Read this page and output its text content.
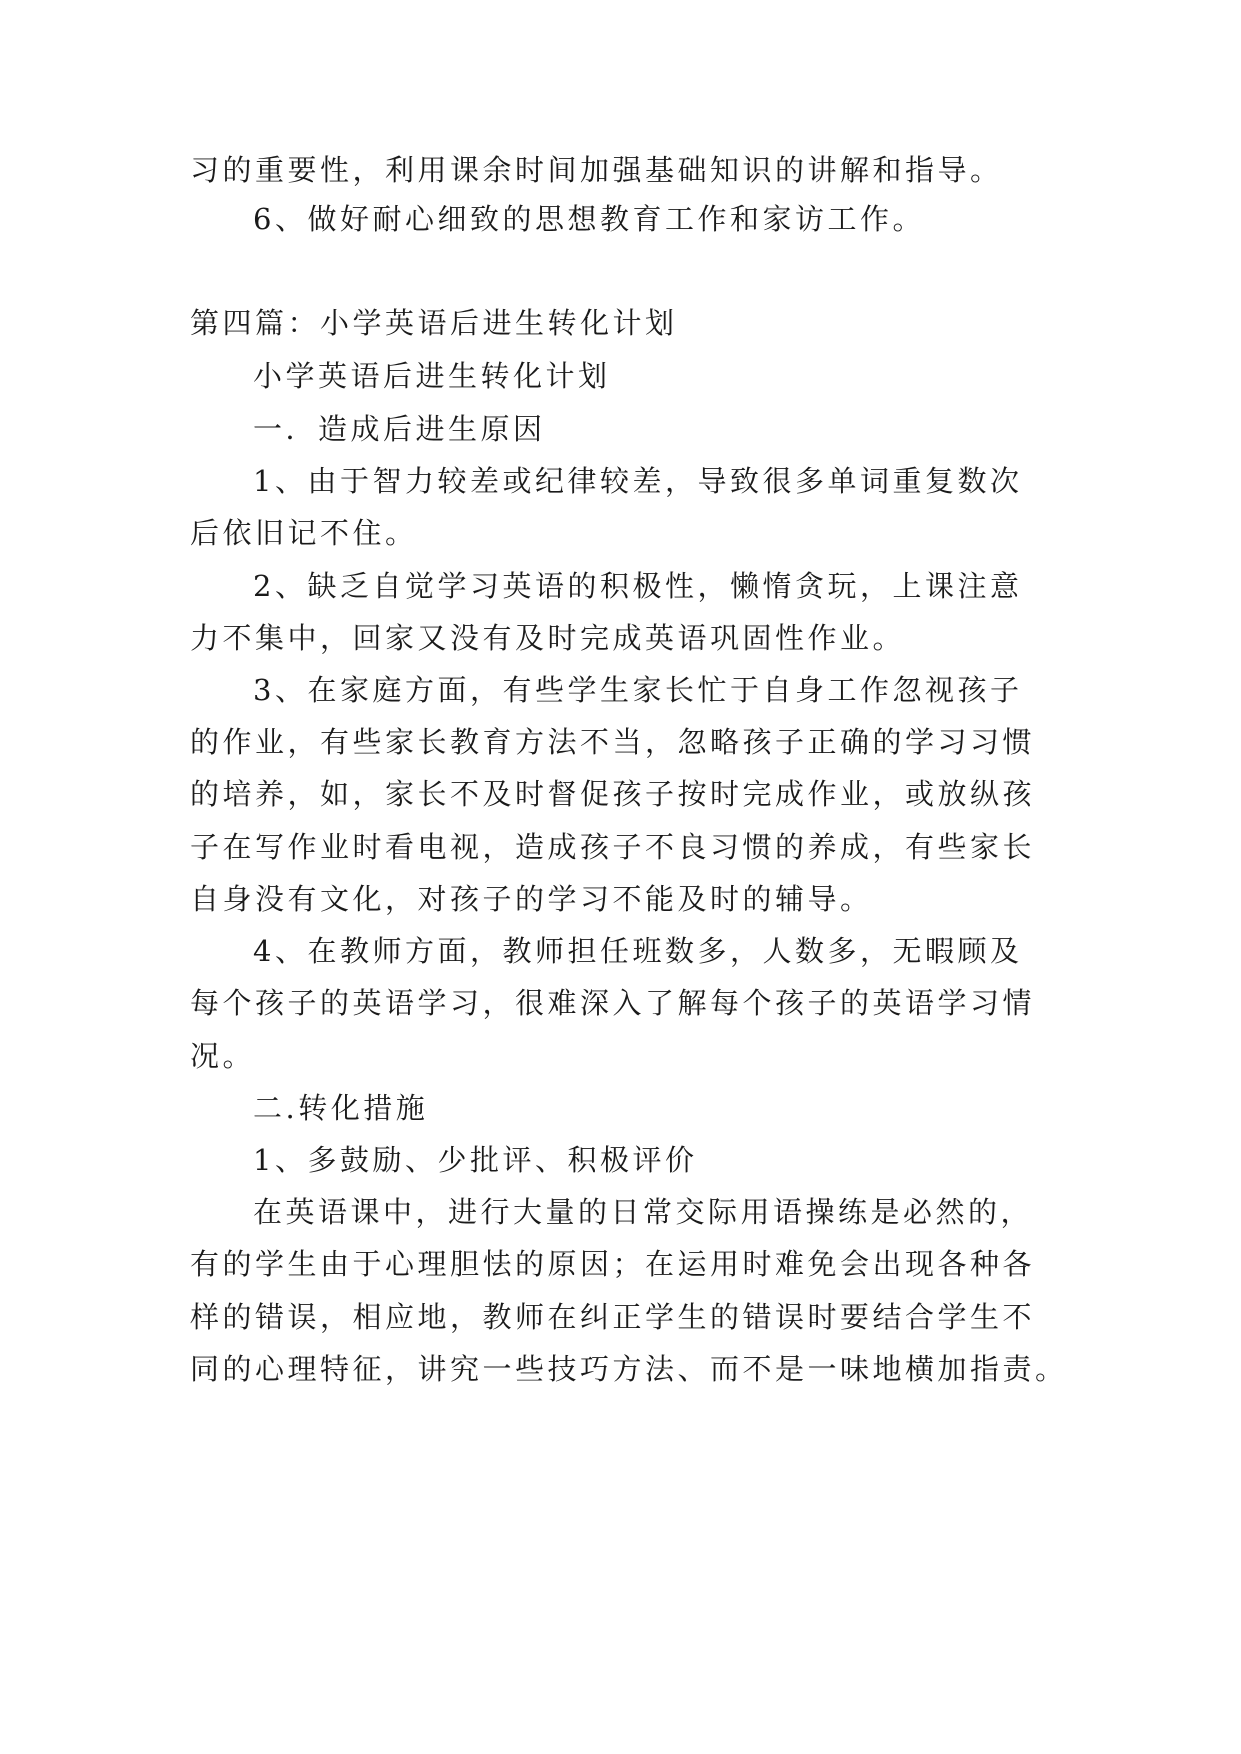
习的重要性，利用课余时间加强基础知识的讲解和指导。
6、做好耐心细致的思想教育工作和家访工作。
第四篇：小学英语后进生转化计划
小学英语后进生转化计划
一．造成后进生原因
1、由于智力较差或纪律较差，导致很多单词重复数次
后依旧记不住。
2、缺乏自觉学习英语的积极性，懒惰贪玩，上课注意
力不集中，回家又没有及时完成英语巩固性作业。
3、在家庭方面，有些学生家长忙于自身工作忽视孩子
的作业，有些家长教育方法不当，忽略孩子正确的学习习惯
的培养，如，家长不及时督促孩子按时完成作业，或放纵孩
子在写作业时看电视，造成孩子不良习惯的养成，有些家长
自身没有文化，对孩子的学习不能及时的辅导。
4、在教师方面，教师担任班数多，人数多，无暇顾及
每个孩子的英语学习，很难深入了解每个孩子的英语学习情
况。
二.转化措施
1、多鼓励、少批评、积极评价
在英语课中，进行大量的日常交际用语操练是必然的，
有的学生由于心理胆怯的原因；在运用时难免会出现各种各
样的错误，相应地，教师在纠正学生的错误时要结合学生不
同的心理特征，讲究一些技巧方法、而不是一味地横加指责。
